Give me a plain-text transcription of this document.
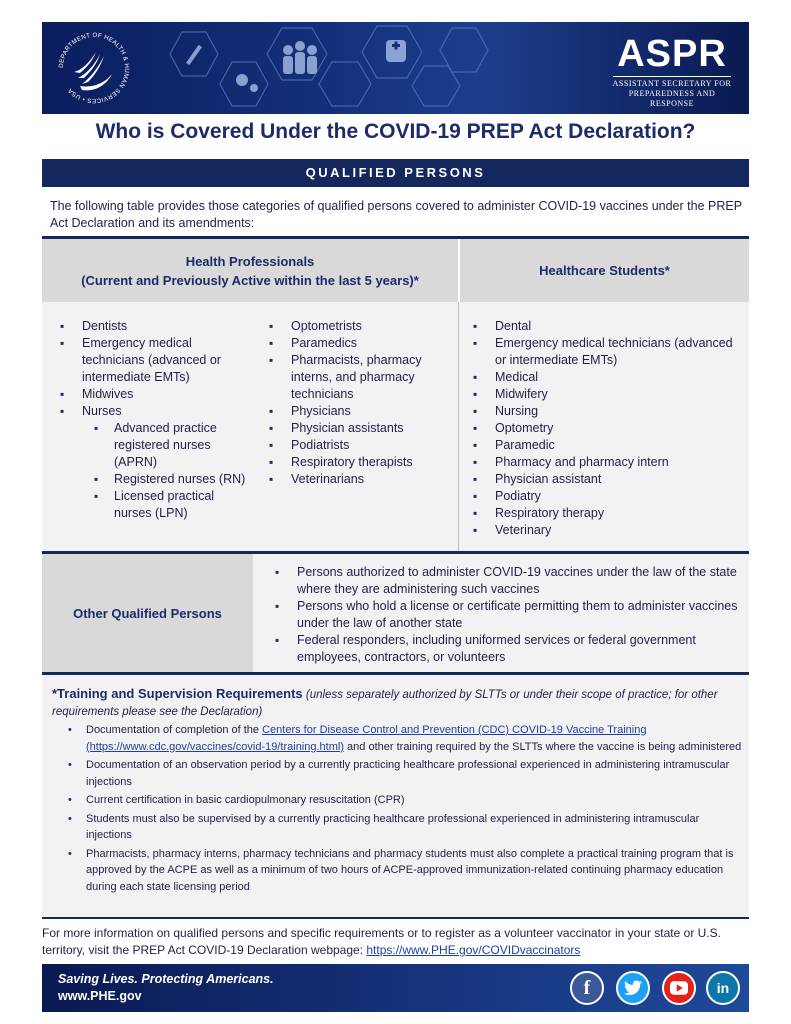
DEPARTMENT OF HEALTH & HUMAN SERVICES • USA
ASPR
ASSISTANT SECRETARY FOR
PREPAREDNESS AND RESPONSE
Who is Covered Under the COVID-19 PREP Act Declaration?
QUALIFIED PERSONS
The following table provides those categories of qualified persons covered to administer COVID-19 vaccines under the PREP Act Declaration and its amendments:
Health Professionals
(Current and Previously Active within the last 5 years)*
Healthcare Students*
▪ Dentists
▪ Emergency medical technicians (advanced or intermediate EMTs)
▪ Midwives
▪ Nurses
▪ Advanced practice registered nurses (APRN)
▪ Registered nurses (RN)
▪ Licensed practical nurses (LPN)
▪ Optometrists
▪ Paramedics
▪ Pharmacists, pharmacy interns, and pharmacy technicians
▪ Physicians
▪ Physician assistants
▪ Podiatrists
▪ Respiratory therapists
▪ Veterinarians
▪ Dental
▪ Emergency medical technicians (advanced or intermediate EMTs)
▪ Medical
▪ Midwifery
▪ Nursing
▪ Optometry
▪ Paramedic
▪ Pharmacy and pharmacy intern
▪ Physician assistant
▪ Podiatry
▪ Respiratory therapy
▪ Veterinary
Other Qualified Persons
▪ Persons authorized to administer COVID-19 vaccines under the law of the state where they are administering such vaccines
▪ Persons who hold a license or certificate permitting them to administer vaccines under the law of another state
▪ Federal responders, including uniformed services or federal government employees, contractors, or volunteers
*Training and Supervision Requirements (unless separately authorized by SLTTs or under their scope of practice; for other requirements please see the Declaration)
• Documentation of completion of the Centers for Disease Control and Prevention (CDC) COVID-19 Vaccine Training
(https://www.cdc.gov/vaccines/covid-19/training.html) and other training required by the SLTTs where the vaccine is being administered
• Documentation of an observation period by a currently practicing healthcare professional experienced in administering intramuscular injections
• Current certification in basic cardiopulmonary resuscitation (CPR)
• Students must also be supervised by a currently practicing healthcare professional experienced in administering intramuscular injections
• Pharmacists, pharmacy interns, pharmacy technicians and pharmacy students must also complete a practical training program that is approved by the ACPE as well as a minimum of two hours of ACPE-approved immunization-related continuing pharmacy education during each state licensing period
For more information on qualified persons and specific requirements or to register as a volunteer vaccinator in your state or U.S. territory, visit the PREP Act COVID-19 Declaration webpage: https://www.PHE.gov/COVIDvaccinators
Saving Lives. Protecting Americans.
www.PHE.gov	f	in
